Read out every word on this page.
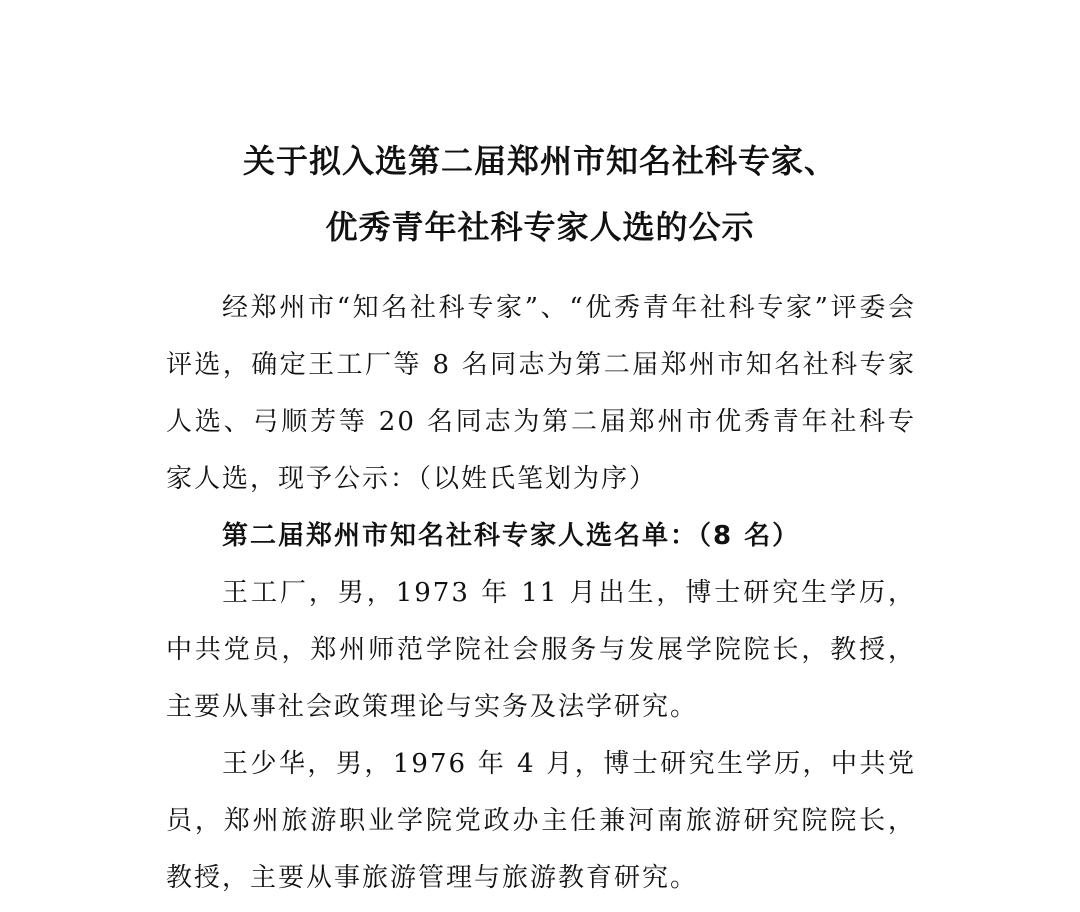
关于拟入选第二届郑州市知名社科专家、
优秀青年社科专家人选的公示

经郑州市“知名社科专家”、“优秀青年社科专家”评委会评选，确定王工厂等 8 名同志为第二届郑州市知名社科专家人选、弓顺芳等 20 名同志为第二届郑州市优秀青年社科专家人选，现予公示：（以姓氏笔划为序）

第二届郑州市知名社科专家人选名单：（8 名）

王工厂，男，1973 年 11 月出生，博士研究生学历，中共党员，郑州师范学院社会服务与发展学院院长，教授，主要从事社会政策理论与实务及法学研究。

王少华，男，1976 年 4 月，博士研究生学历，中共党员，郑州旅游职业学院党政办主任兼河南旅游研究院院长，教授，主要从事旅游管理与旅游教育研究。
